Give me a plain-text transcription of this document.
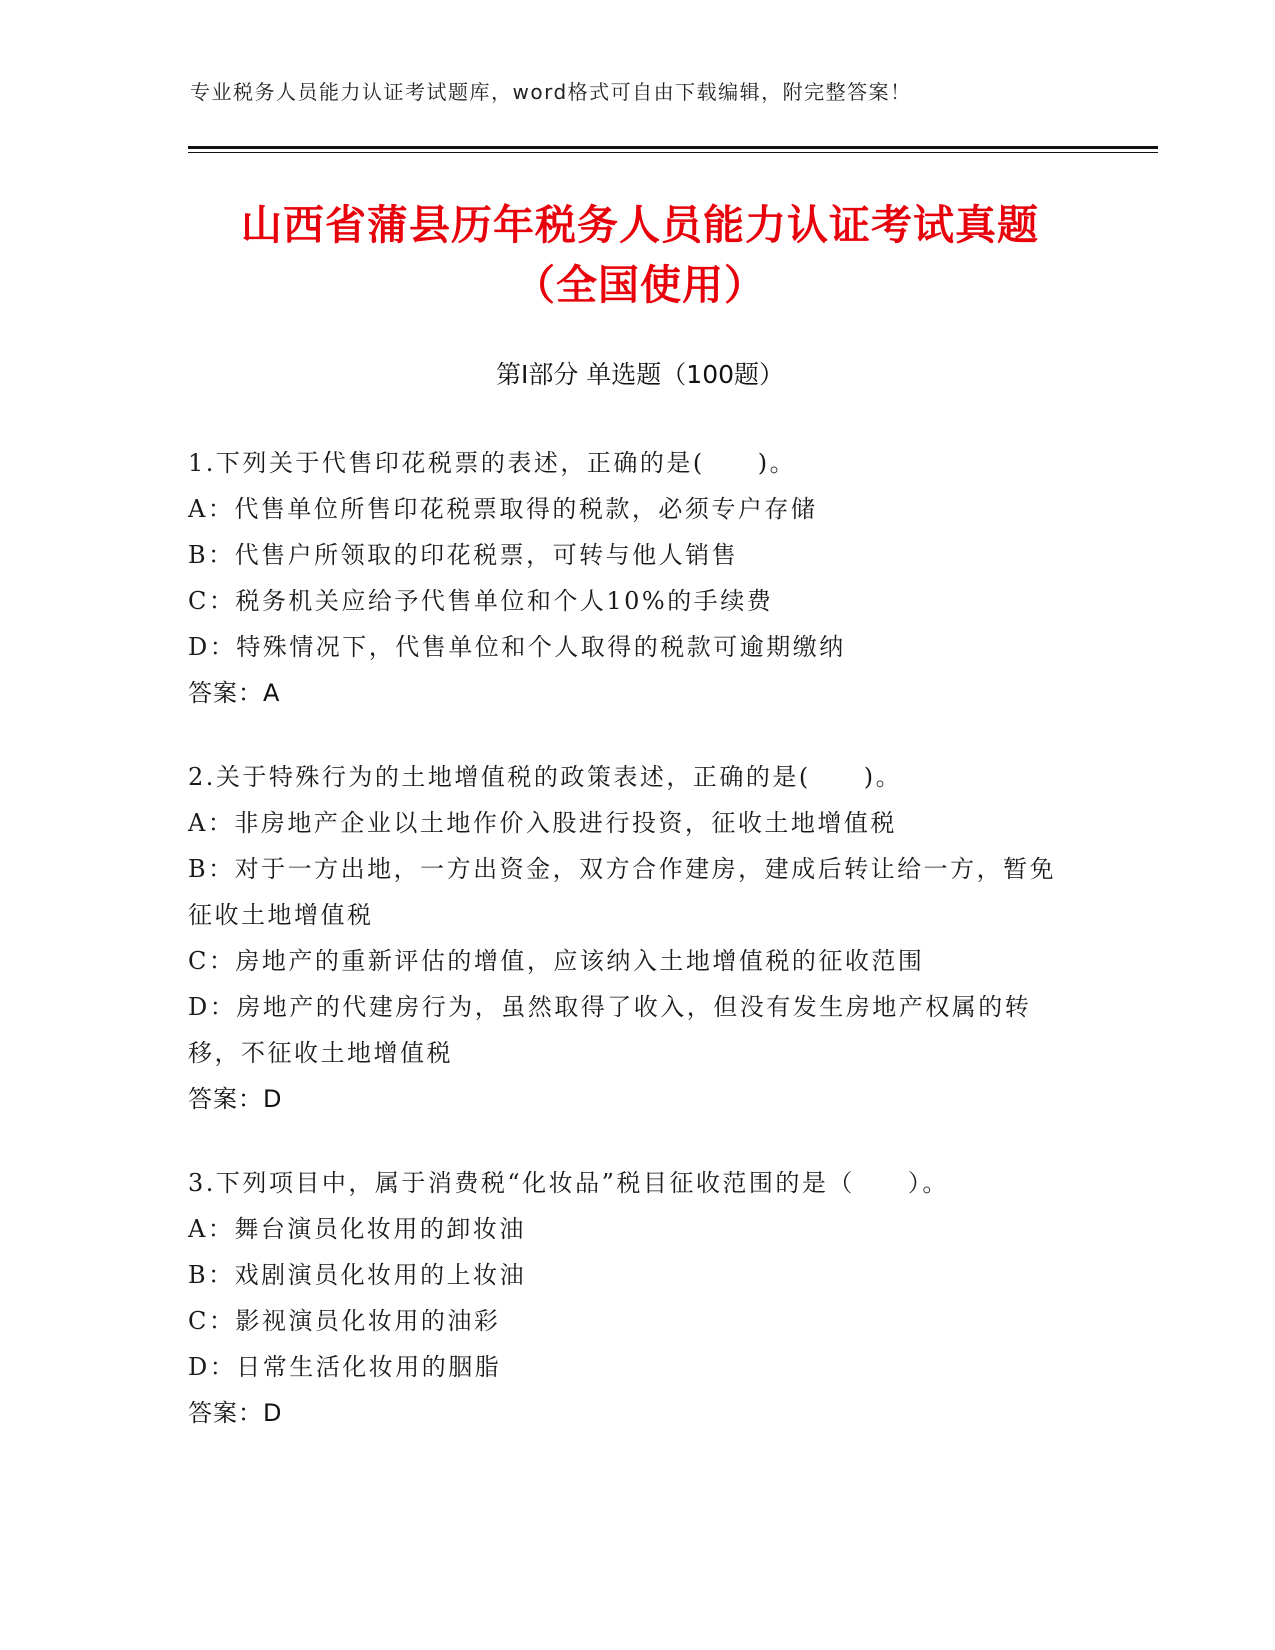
专业税务人员能力认证考试题库，word格式可自由下载编辑，附完整答案！
山西省蒲县历年税务人员能力认证考试真题
（全国使用）
第Ⅰ部分 单选题（100题）
1.下列关于代售印花税票的表述，正确的是(　　)。
A：代售单位所售印花税票取得的税款，必须专户存储
B：代售户所领取的印花税票，可转与他人销售
C：税务机关应给予代售单位和个人10%的手续费
D：特殊情况下，代售单位和个人取得的税款可逾期缴纳
答案：A
2.关于特殊行为的土地增值税的政策表述，正确的是(　　)。
A：非房地产企业以土地作价入股进行投资，征收土地增值税
B：对于一方出地，一方出资金，双方合作建房，建成后转让给一方，暂免征收土地增值税
C：房地产的重新评估的增值，应该纳入土地增值税的征收范围
D：房地产的代建房行为，虽然取得了收入，但没有发生房地产权属的转移，不征收土地增值税
答案：D
3.下列项目中，属于消费税“化妆品”税目征收范围的是（　　）。
A：舞台演员化妆用的卸妆油
B：戏剧演员化妆用的上妆油
C：影视演员化妆用的油彩
D：日常生活化妆用的胭脂
答案：D
